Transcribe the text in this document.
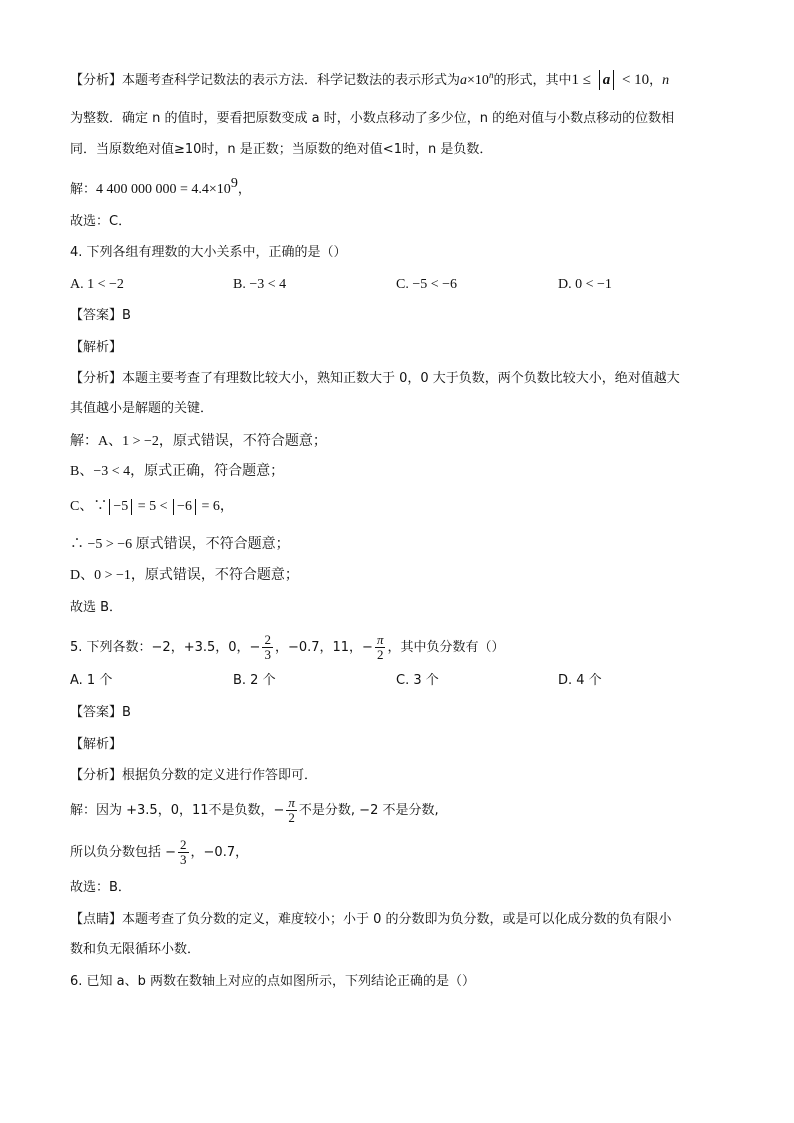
【分析】本题考查科学记数法的表示方法．科学记数法的表示形式为$a\times 10^n$的形式，其中1 ≤ a < 10，n
为整数．确定 n 的值时，要看把原数变成 a 时，小数点移动了多少位，n 的绝对值与小数点移动的位数相
同．当原数绝对值≥10时，n 是正数；当原数的绝对值<1时，n 是负数．
解：4 400 000 $000 = 4.4\times 10^9$，
故选：C．
4. 下列各组有理数的大小关系中，正确的是（）
A. 1 < −2	B. −3 < 4	C. −5 < −6	D. 0 < −1
【答案】B
【解析】
【分析】本题主要考查了有理数比较大小，熟知正数大于 0，0 大于负数，两个负数比较大小，绝对值越大
其值越小是解题的关键．
解：A、1 > −2，原式错误，不符合题意；
B、−3 < 4，原式正确，符合题意；
C、∵ −5 = 5 < −6 = 6，
∴ −5 > −6 原式错误，不符合题意；
D、0 > −1，原式错误，不符合题意；
故选 B．
5. 下列各数：−2，+3.5，0，− $\frac{2}{3}$ ，−0.7，11，− $\frac{\pi}{2}$ ，其中负分数有（）
A. 1 个	B. 2 个	C. 3 个	D. 4 个
【答案】B
【解析】
【分析】根据负分数的定义进行作答即可．
解：因为 +3.5，0，11不是负数，− $\frac{\pi}{2}$ 不是分数, −2 不是分数,
所以负分数包括 − $\frac{2}{3}$ ，−0.7，
故选：B．
【点睛】本题考查了负分数的定义，难度较小；小于 0 的分数即为负分数，或是可以化成分数的负有限小
数和负无限循环小数．
6. 已知 a、b 两数在数轴上对应的点如图所示，下列结论正确的是（）
